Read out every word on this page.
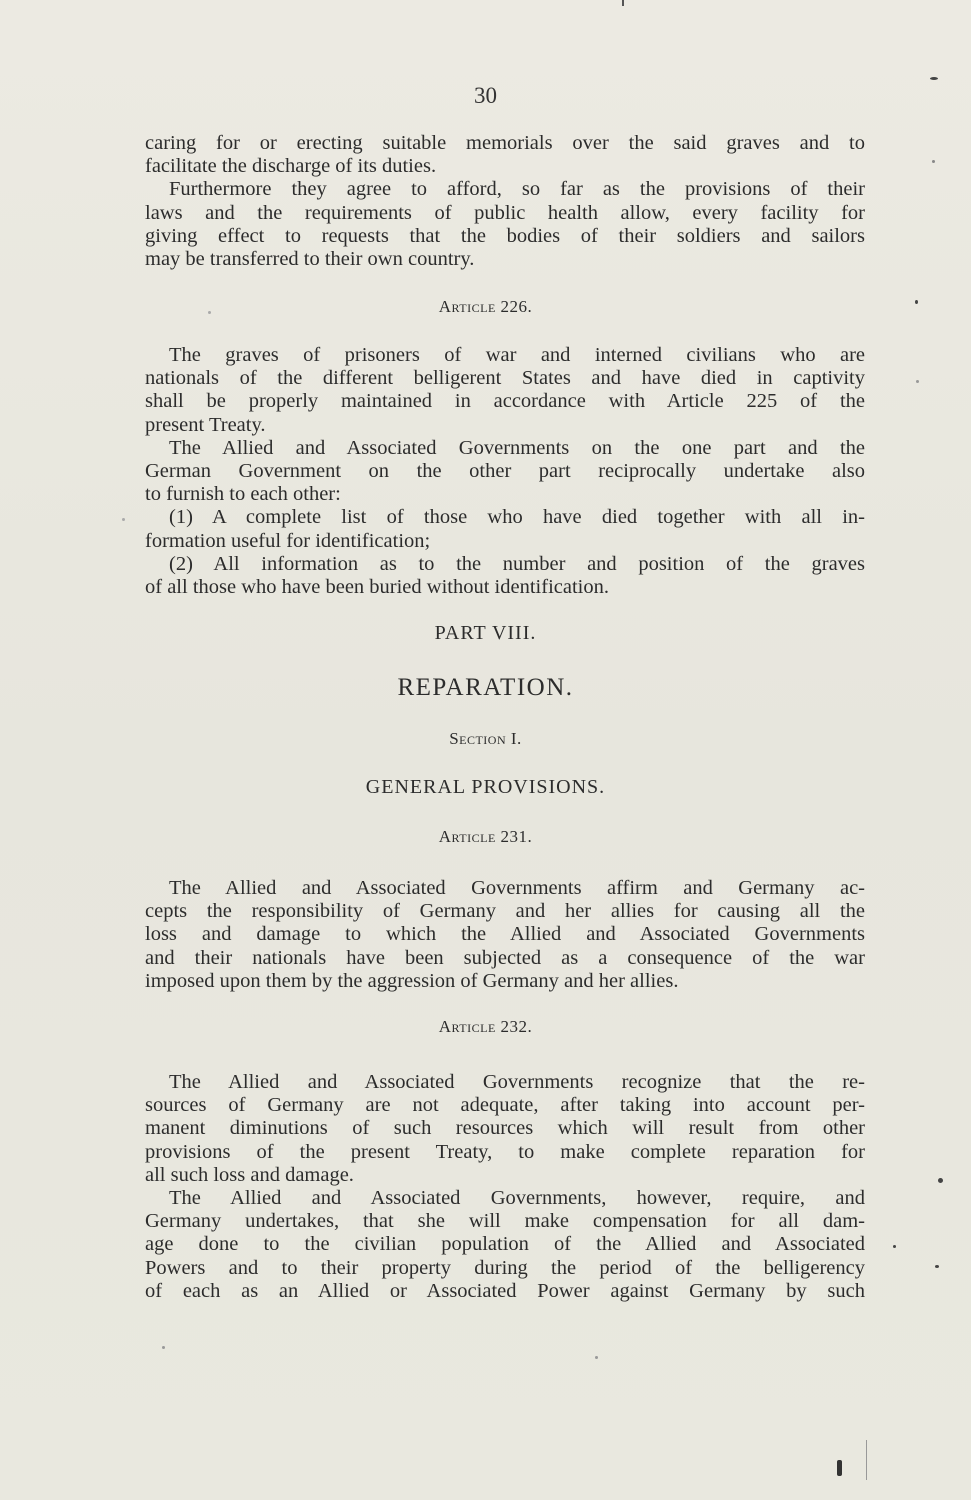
30

caring for or erecting suitable memorials over the said graves and to

facilitate the discharge of its duties.

Furthermore they agree to afford, so far as the provisions of their

laws and the requirements of public health allow, every facility for

giving effect to requests that the bodies of their soldiers and sailors

may be transferred to their own country.

Article 226.

The graves of prisoners of war and interned civilians who are

nationals of the different belligerent States and have died in captivity

shall be properly maintained in accordance with Article 225 of the

present Treaty.

The Allied and Associated Governments on the one part and the

German Government on the other part reciprocally undertake also

to furnish to each other:

(1) A complete list of those who have died together with all in-

formation useful for identification;

(2) All information as to the number and position of the graves

of all those who have been buried without identification.

PART VIII.
REPARATION.
Section I.
GENERAL PROVISIONS.
Article 231.

The Allied and Associated Governments affirm and Germany ac-

cepts the responsibility of Germany and her allies for causing all the

loss and damage to which the Allied and Associated Governments

and their nationals have been subjected as a consequence of the war

imposed upon them by the aggression of Germany and her allies.

Article 232.

The Allied and Associated Governments recognize that the re-

sources of Germany are not adequate, after taking into account per-

manent diminutions of such resources which will result from other

provisions of the present Treaty, to make complete reparation for

all such loss and damage.

The Allied and Associated Governments, however, require, and

Germany undertakes, that she will make compensation for all dam-

age done to the civilian population of the Allied and Associated

Powers and to their property during the period of the belligerency

of each as an Allied or Associated Power against Germany by such
